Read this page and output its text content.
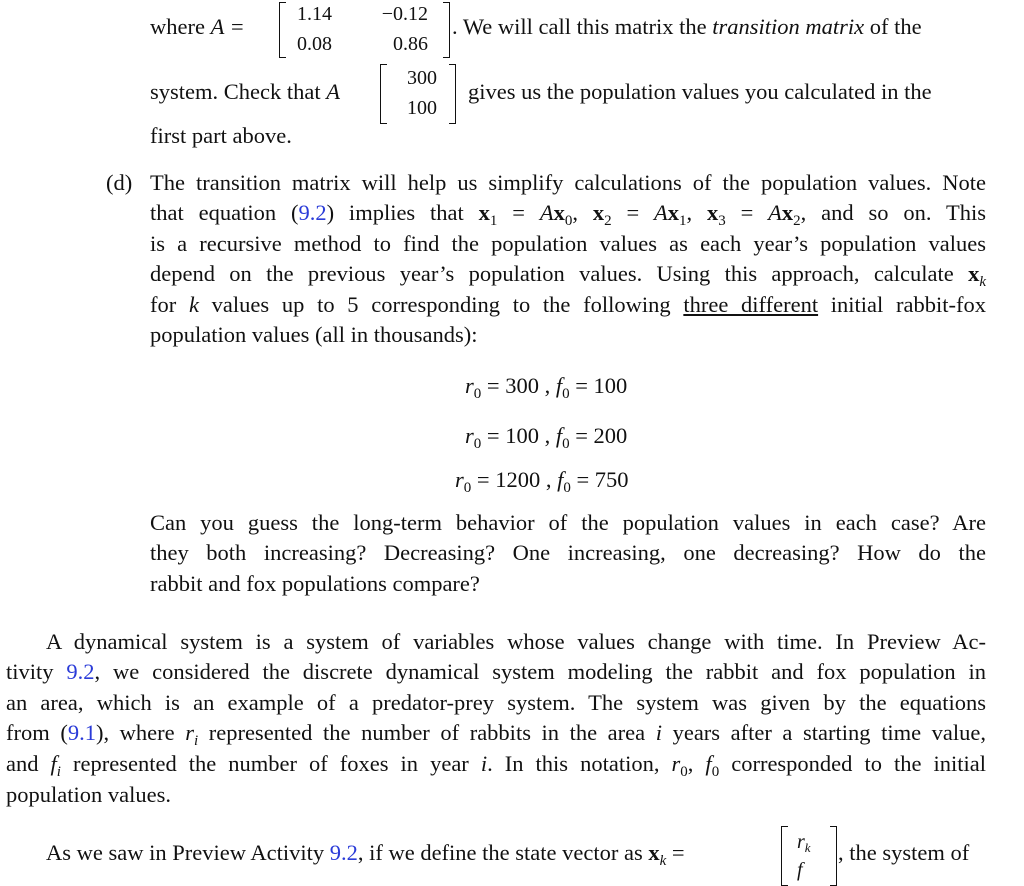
where A =	1.14 −0.12
0.08	0.86
. We will call this matrix the transition matrix of the
system. Check that A
300
100
gives us the population values you calculated in the
first part above.
(d) The transition matrix will help us simplify calculations of the population values. Note
that equation (9.2) implies that $x_1 = Ax_0$, $x_2 = Ax_1$, $x_3 = Ax_2$, and so on. This
is a recursive method to find the population values as each year’s population values
depend on the previous year’s population values. Using this approach, calculate $x_k$
for k values up to 5 corresponding to the following three different initial rabbit-fox
population values (all in thousands):
$r_0 = 300$ , $f_0 = 100$
$r_0 = 100$ , $f_0 = 200$
$r_0 = 1200$ , $f_0 = 750$
Can you guess the long-term behavior of the population values in each case? Are
they both increasing? Decreasing? One increasing, one decreasing? How do the
rabbit and fox populations compare?
A dynamical system is a system of variables whose values change with time. In Preview Ac-
tivity 9.2, we considered the discrete dynamical system modeling the rabbit and fox population in
an area, which is an example of a predator-prey system. The system was given by the equations
from (9.1), where $r_i$ represented the number of rabbits in the area i years after a starting time value,
and $f_i$ represented the number of foxes in year i. In this notation, $r_0$, $f_0$ corresponded to the initial
population values.
As we saw in Preview Activity 9.2, if we define the state vector as $x_k$ =	$r_k$
f
, the system of
